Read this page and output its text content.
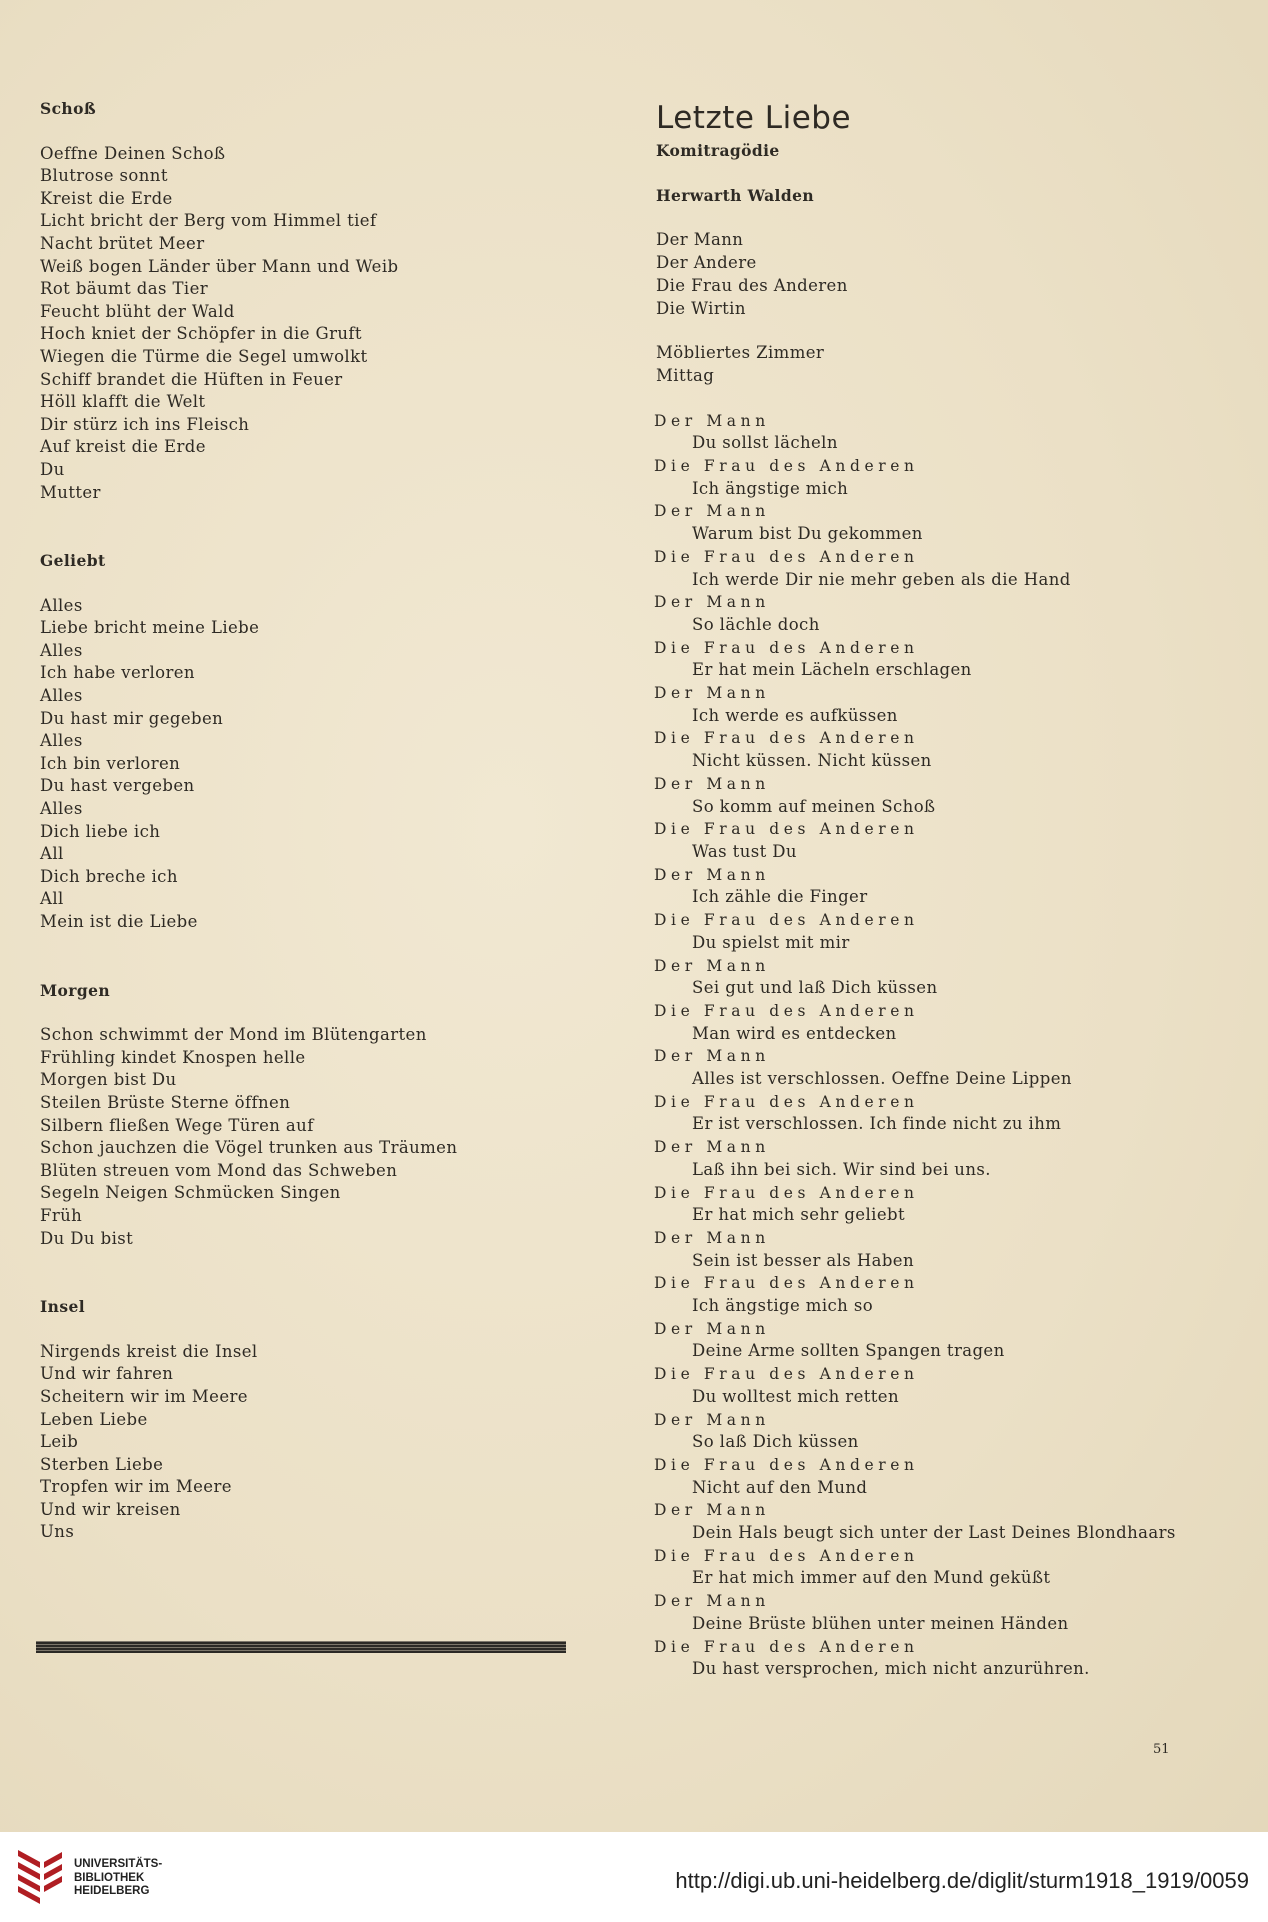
Schoß
Oeffne Deinen Schoß
Blutrose sonnt
Kreist die Erde
Licht bricht der Berg vom Himmel tief
Nacht brütet Meer
Weiß bogen Länder über Mann und Weib
Rot bäumt das Tier
Feucht blüht der Wald
Hoch kniet der Schöpfer in die Gruft
Wiegen die Türme die Segel umwolkt
Schiff brandet die Hüften in Feuer
Höll klafft die Welt
Dir stürz ich ins Fleisch
Auf kreist die Erde
Du
Mutter
Geliebt
Alles
Liebe bricht meine Liebe
Alles
Ich habe verloren
Alles
Du hast mir gegeben
Alles
Ich bin verloren
Du hast vergeben
Alles
Dich liebe ich
All
Dich breche ich
All
Mein ist die Liebe
Morgen
Schon schwimmt der Mond im Blütengarten
Frühling kindet Knospen helle
Morgen bist Du
Steilen Brüste Sterne öffnen
Silbern fließen Wege Türen auf
Schon jauchzen die Vögel trunken aus Träumen
Blüten streuen vom Mond das Schweben
Segeln Neigen Schmücken Singen
Früh
Du Du bist
Insel
Nirgends kreist die Insel
Und wir fahren
Scheitern wir im Meere
Leben Liebe
Leib
Sterben Liebe
Tropfen wir im Meere
Und wir kreisen
Uns
Letzte Liebe
Komitragödie
Herwarth Walden
Der Mann
Der Andere
Die Frau des Anderen
Die Wirtin
Möbliertes Zimmer
Mittag
Der Mann
Du sollst lächeln
Die Frau des Anderen
Ich ängstige mich
Der Mann
Warum bist Du gekommen
Die Frau des Anderen
Ich werde Dir nie mehr geben als die Hand
Der Mann
So lächle doch
Die Frau des Anderen
Er hat mein Lächeln erschlagen
Der Mann
Ich werde es aufküssen
Die Frau des Anderen
Nicht küssen. Nicht küssen
Der Mann
So komm auf meinen Schoß
Die Frau des Anderen
Was tust Du
Der Mann
Ich zähle die Finger
Die Frau des Anderen
Du spielst mit mir
Der Mann
Sei gut und laß Dich küssen
Die Frau des Anderen
Man wird es entdecken
Der Mann
Alles ist verschlossen. Oeffne Deine Lippen
Die Frau des Anderen
Er ist verschlossen. Ich finde nicht zu ihm
Der Mann
Laß ihn bei sich. Wir sind bei uns.
Die Frau des Anderen
Er hat mich sehr geliebt
Der Mann
Sein ist besser als Haben
Die Frau des Anderen
Ich ängstige mich so
Der Mann
Deine Arme sollten Spangen tragen
Die Frau des Anderen
Du wolltest mich retten
Der Mann
So laß Dich küssen
Die Frau des Anderen
Nicht auf den Mund
Der Mann
Dein Hals beugt sich unter der Last Deines Blondhaars
Die Frau des Anderen
Er hat mich immer auf den Mund geküßt
Der Mann
Deine Brüste blühen unter meinen Händen
Die Frau des Anderen
Du hast versprochen, mich nicht anzurühren.
51
UNIVERSITÄTS-
BIBLIOTHEK
HEIDELBERG	http://digi.ub.uni-heidelberg.de/diglit/sturm1918_1919/0059
